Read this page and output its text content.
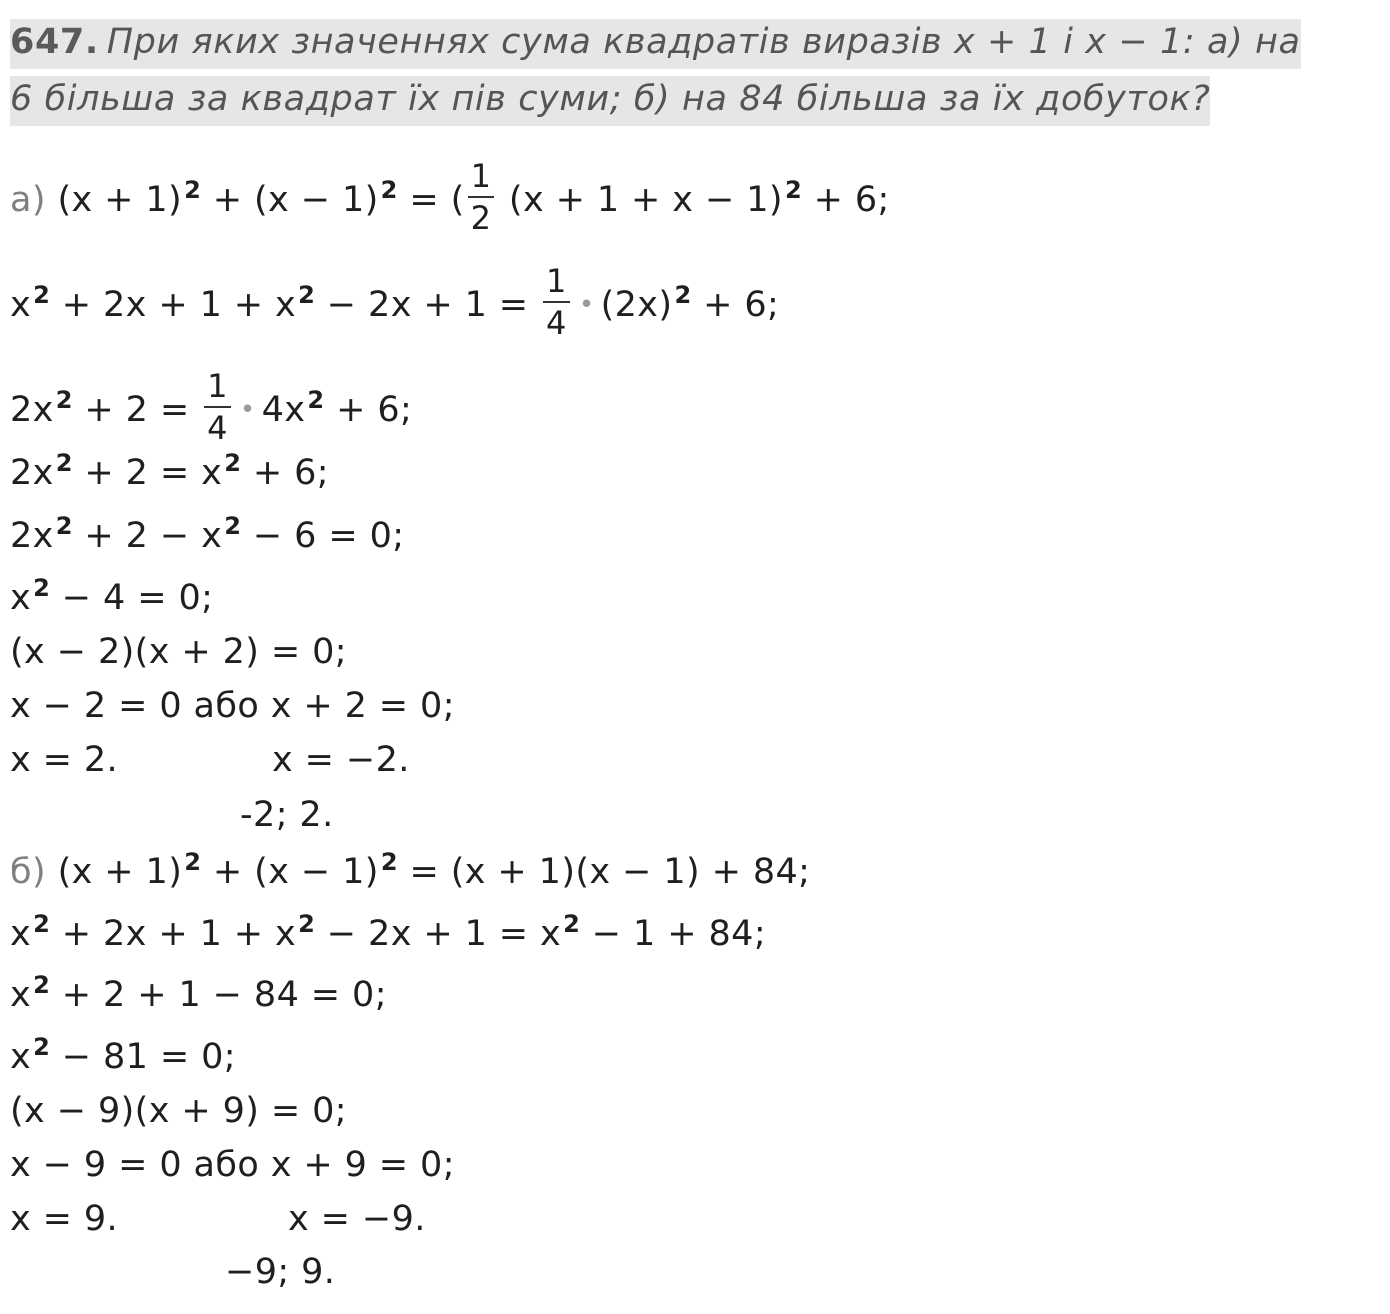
647. При яких значеннях сума квадратів виразів x + 1 і x − 1: а) на
6 більша за квадрат їх пів суми; б) на 84 більша за їх добуток?
а) $(x + 1)^2 + (x - 1)^2$ = ( $\frac{1}{2} (x + 1 + x - 1)^2 + 6$;
$x^2 + 2x + 1 + x^2 - 2x + 1 = \frac{1}{4}$ • $(2x)^2 + 6$;
$2x^2 + 2 = \frac{1}{4}$ • $4x^2 + 6$;
$2x^2 + 2 = x^2 + 6$;
$2x^2 + 2 - x^2 - 6 = 0$;
$x^2 - 4 = 0$;
(x − 2)(x + 2) = 0;
x − 2 = 0 або x + 2 = 0;
x = 2.	x = −2.
-2; 2.
б) $(x + 1)^2 + (x - 1)^2 = (x + 1)(x - 1) + 84$;
$x^2 + 2x + 1 + x^2 - 2x + 1 = x^2 - 1 + 84$;
$x^2 + 2 + 1 - 84 = 0$;
$x^2 - 81 = 0$;
(x − 9)(x + 9) = 0;
x − 9 = 0 або x + 9 = 0;
x = 9.	x = −9.
−9; 9.
